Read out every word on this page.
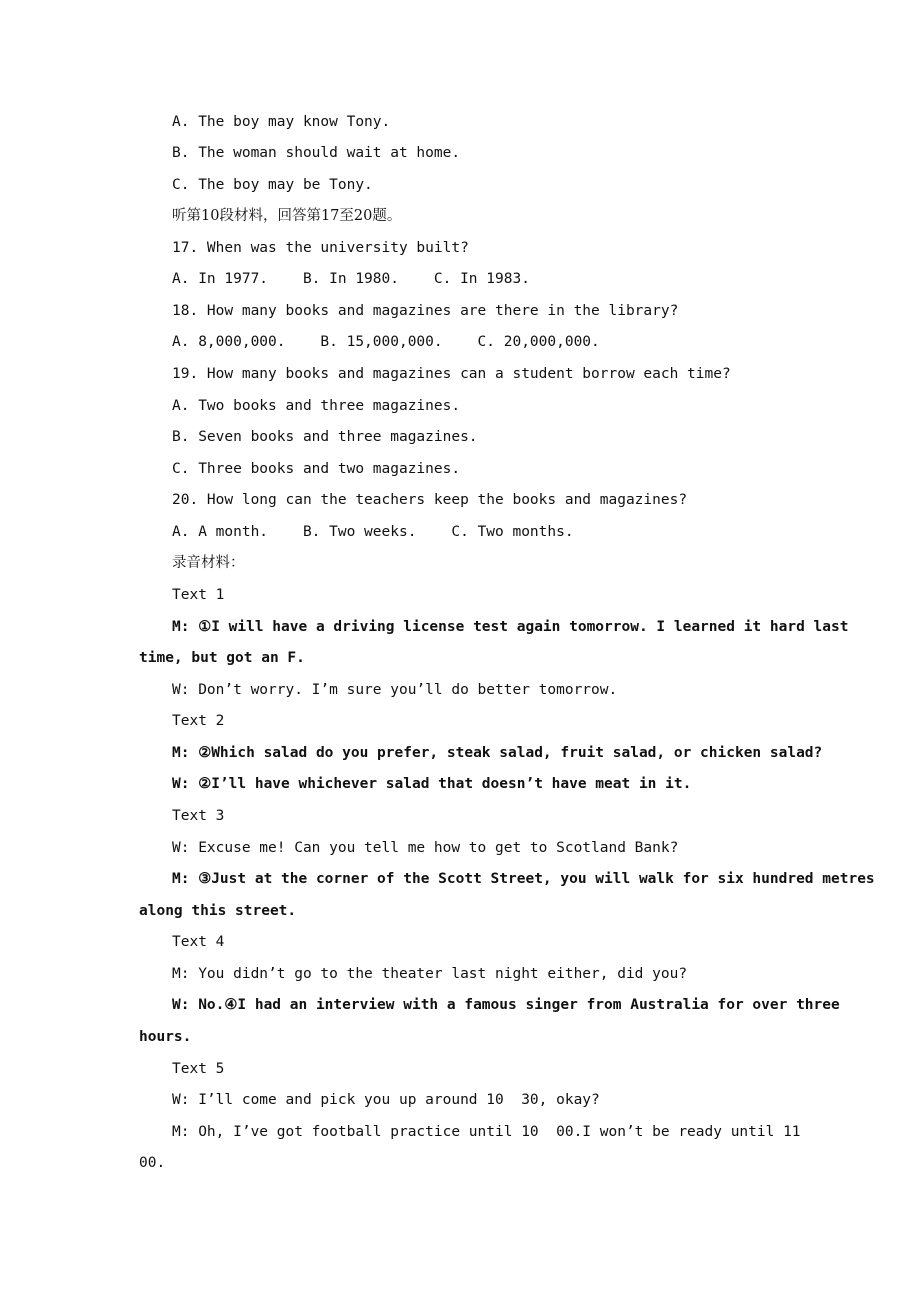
A. The boy may know Tony.

B. The woman should wait at home.

C. The boy may be Tony.

听第10段材料，回答第17至20题。

17. When was the university built?

A. In 1977.    B. In 1980.    C. In 1983.

18. How many books and magazines are there in the library?

A. 8,000,000.    B. 15,000,000.    C. 20,000,000.

19. How many books and magazines can a student borrow each time?

A. Two books and three magazines.

B. Seven books and three magazines.

C. Three books and two magazines.

20. How long can the teachers keep the books and magazines?

A. A month.    B. Two weeks.    C. Two months.

录音材料：

Text 1

M: ①I will have a driving license test again tomorrow. I learned it hard last

time, but got an F.

W: Don’t worry. I’m sure you’ll do better tomorrow.

Text 2

M: ②Which salad do you prefer, steak salad, fruit salad, or chicken salad?

W: ②I’ll have whichever salad that doesn’t have meat in it.

Text 3

W: Excuse me! Can you tell me how to get to Scotland Bank?

M: ③Just at the corner of the Scott Street, you will walk for six hundred metres

along this street.

Text 4

M: You didn’t go to the theater last night either, did you?

W: No.④I had an interview with a famous singer from Australia for over three

hours.

Text 5

W: I’ll come and pick you up around 10  30, okay?

M: Oh, I’ve got football practice until 10  00.I won’t be ready until 11

00.
